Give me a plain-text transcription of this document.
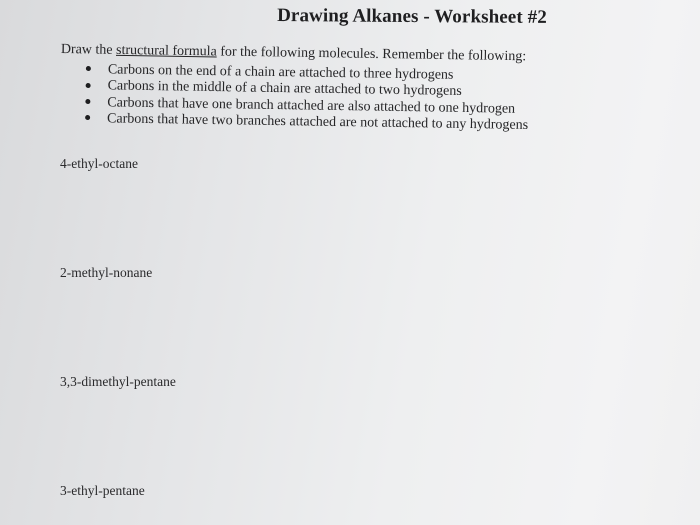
Drawing Alkanes - Worksheet #2
Draw the structural formula for the following molecules. Remember the following:
Carbons on the end of a chain are attached to three hydrogens
Carbons in the middle of a chain are attached to two hydrogens
Carbons that have one branch attached are also attached to one hydrogen
Carbons that have two branches attached are not attached to any hydrogens
4-ethyl-octane
2-methyl-nonane
3,3-dimethyl-pentane
3-ethyl-pentane
